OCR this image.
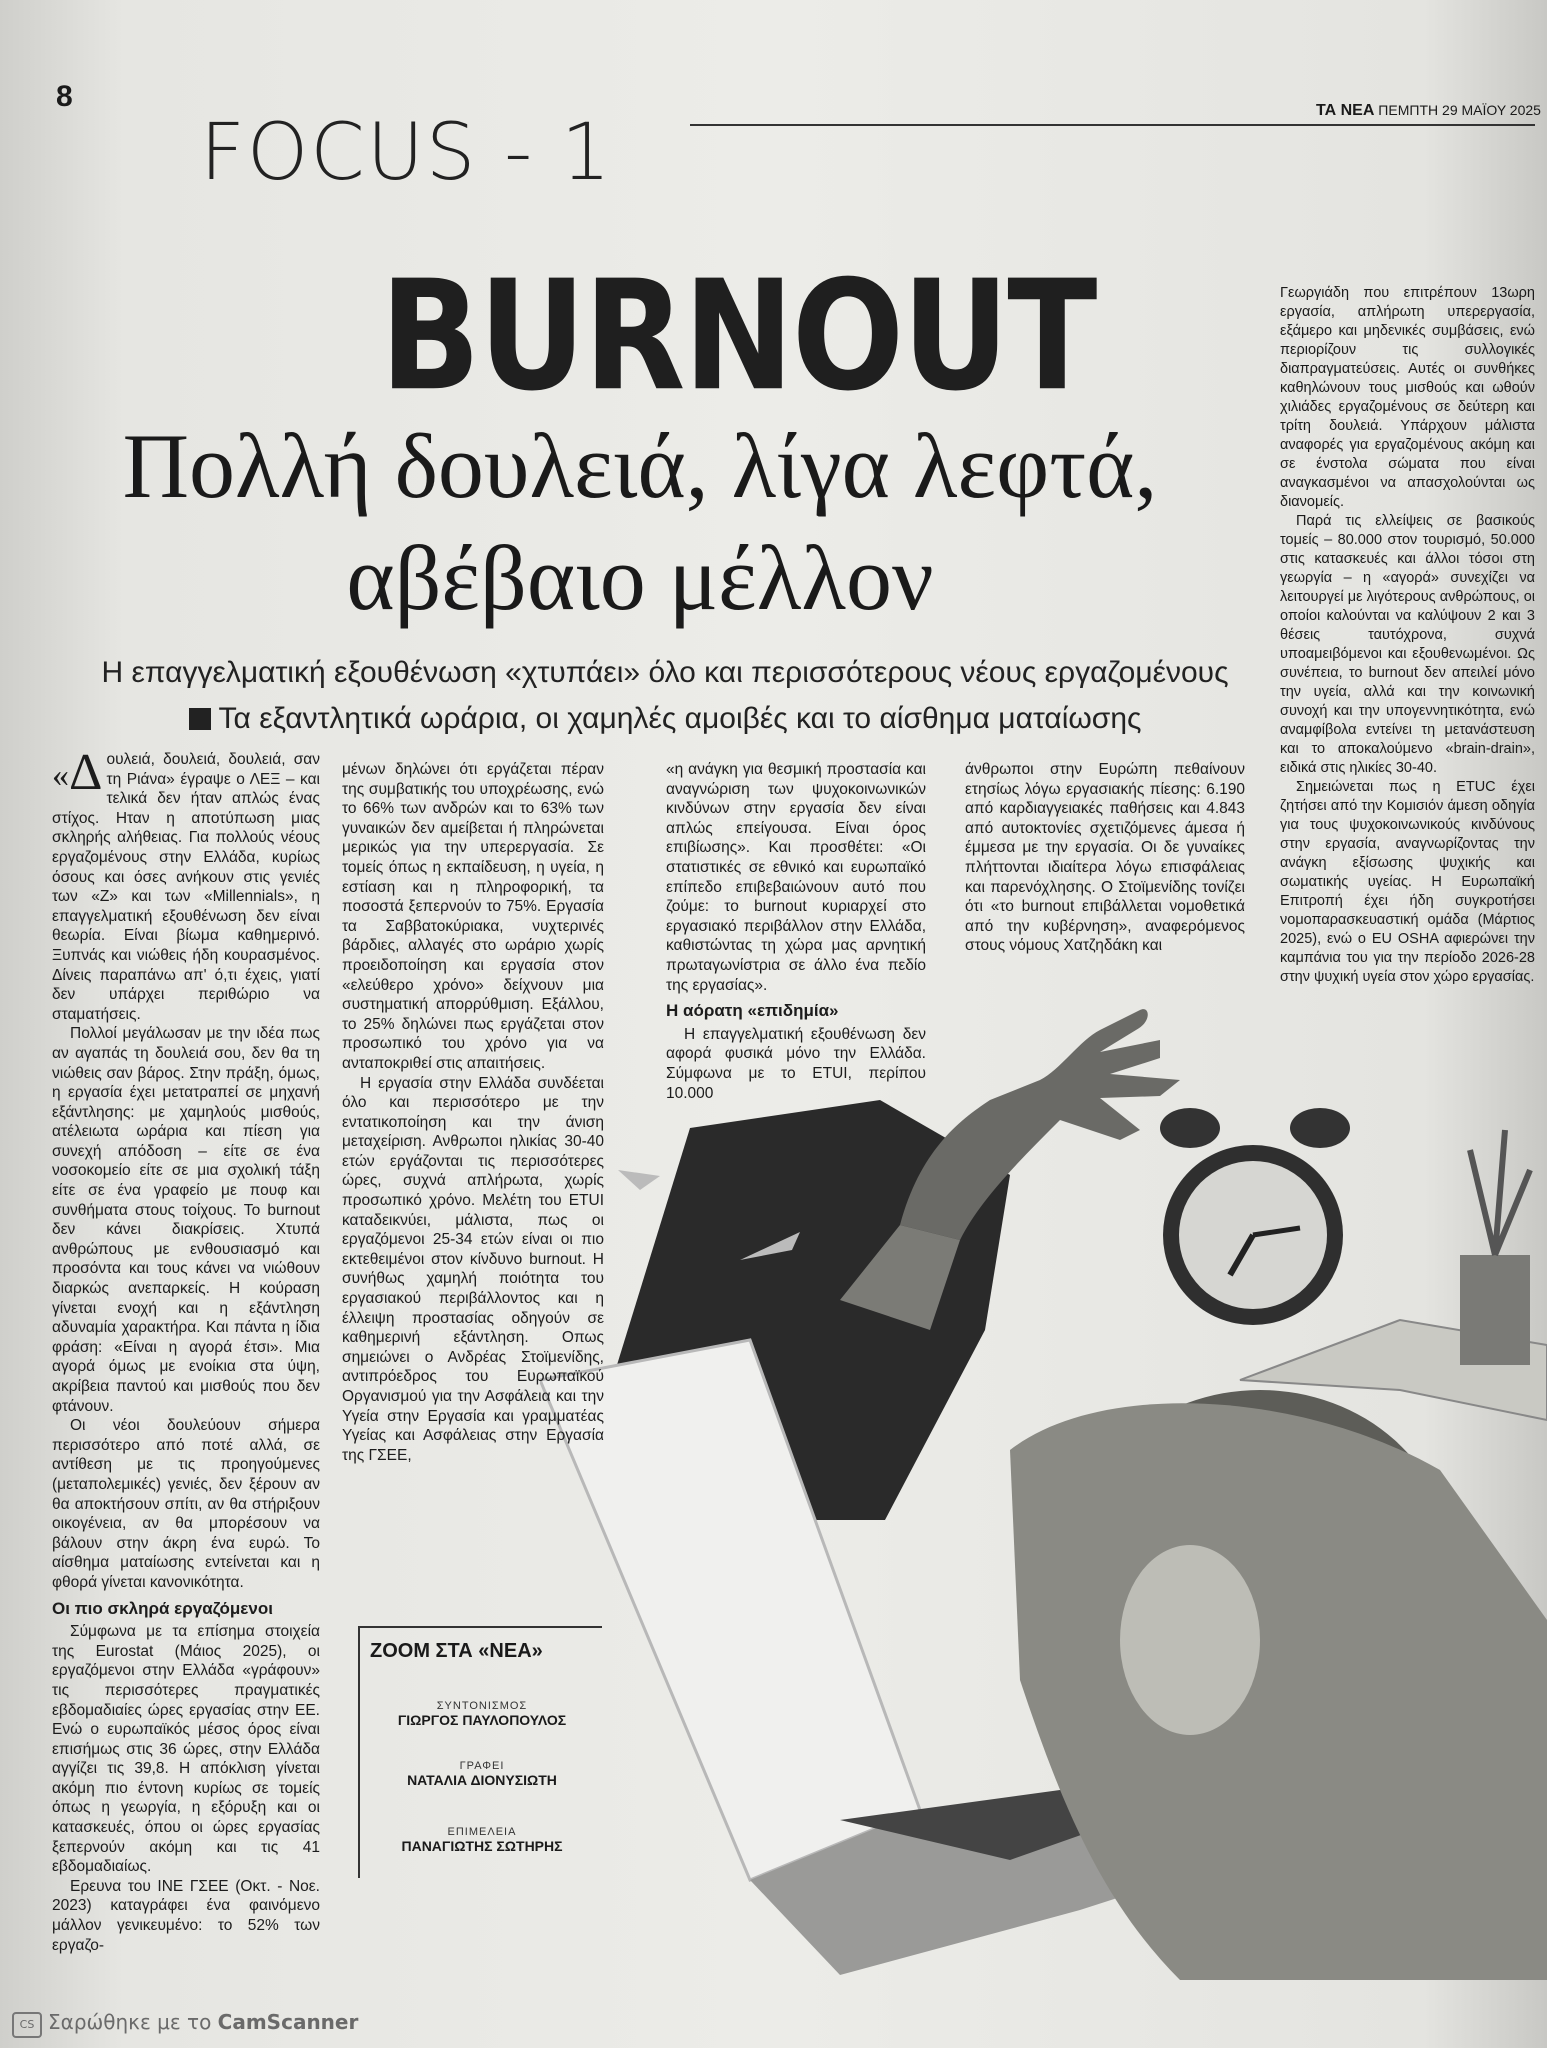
8	ΤΑ ΝΕΑ ΠΕΜΠΤΗ 29 ΜΑΪΟΥ 2025
FOCUS - 1
BURNOUT
Πολλή δουλειά, λίγα λεφτά,
αβέβαιο μέλλον
Η επαγγελματική εξουθένωση «χτυπάει» όλο και περισσότερους νέους εργαζομένους
Τα εξαντλητικά ωράρια, οι χαμηλές αμοιβές και το αίσθημα ματαίωσης

« Δ ουλειά, δουλειά, δουλειά, σαν τη Ριάνα» έγραψε ο ΛΕΞ – και τελικά δεν ήταν απλώς ένας στίχος. Ηταν η αποτύπωση μιας σκληρής αλήθειας. Για πολλούς νέους εργαζομένους στην Ελλάδα, κυρίως όσους και όσες ανήκουν στις γενιές των «Ζ» και των «Millennials», η επαγγελματική εξουθένωση δεν είναι θεωρία. Είναι βίωμα καθημερινό. Ξυπνάς και νιώθεις ήδη κουρασμένος. Δίνεις παραπάνω απ' ό,τι έχεις, γιατί δεν υπάρχει περιθώριο να σταματήσεις.

Πολλοί μεγάλωσαν με την ιδέα πως αν αγαπάς τη δουλειά σου, δεν θα τη νιώθεις σαν βάρος. Στην πράξη, όμως, η εργασία έχει μετατραπεί σε μηχανή εξάντλησης: με χαμηλούς μισθούς, ατέλειωτα ωράρια και πίεση για συνεχή απόδοση – είτε σε ένα νοσοκομείο είτε σε μια σχολική τάξη είτε σε ένα γραφείο με πουφ και συνθήματα στους τοίχους. Το burnout δεν κάνει διακρίσεις. Χτυπά ανθρώπους με ενθουσιασμό και προσόντα και τους κάνει να νιώθουν διαρκώς ανεπαρκείς. Η κούραση γίνεται ενοχή και η εξάντληση αδυναμία χαρακτήρα. Και πάντα η ίδια φράση: «Είναι η αγορά έτσι». Μια αγορά όμως με ενοίκια στα ύψη, ακρίβεια παντού και μισθούς που δεν φτάνουν.

Οι νέοι δουλεύουν σήμερα περισσότερο από ποτέ αλλά, σε αντίθεση με τις προηγούμενες (μεταπολεμικές) γενιές, δεν ξέρουν αν θα αποκτήσουν σπίτι, αν θα στήριξουν οικογένεια, αν θα μπορέσουν να βάλουν στην άκρη ένα ευρώ. Το αίσθημα ματαίωσης εντείνεται και η φθορά γίνεται κανονικότητα.

Οι πιο σκληρά εργαζόμενοι

Σύμφωνα με τα επίσημα στοιχεία της Eurostat (Μάιος 2025), οι εργαζόμενοι στην Ελλάδα «γράφουν» τις περισσότερες πραγματικές εβδομαδιαίες ώρες εργασίας στην ΕΕ. Ενώ ο ευρωπαϊκός μέσος όρος είναι επισήμως στις 36 ώρες, στην Ελλάδα αγγίζει τις 39,8. Η απόκλιση γίνεται ακόμη πιο έντονη κυρίως σε τομείς όπως η γεωργία, η εξόρυξη και οι κατασκευές, όπου οι ώρες εργασίας ξεπερνούν ακόμη και τις 41 εβδομαδιαίως.

Ερευνα του ΙΝΕ ΓΣΕΕ (Οκτ. - Νοε. 2023) καταγράφει ένα φαινόμενο μάλλον γενικευμένο: το 52% των εργαζο-

μένων δηλώνει ότι εργάζεται πέραν της συμβατικής του υποχρέωσης, ενώ το 66% των ανδρών και το 63% των γυναικών δεν αμείβεται ή πληρώνεται μερικώς για την υπερεργασία. Σε τομείς όπως η εκπαίδευση, η υγεία, η εστίαση και η πληροφορική, τα ποσοστά ξεπερνούν το 75%. Εργασία τα Σαββατοκύριακα, νυχτερινές βάρδιες, αλλαγές στο ωράριο χωρίς προειδοποίηση και εργασία στον «ελεύθερο χρόνο» δείχνουν μια συστηματική απορρύθμιση. Εξάλλου, το 25% δηλώνει πως εργάζεται στον προσωπικό του χρόνο για να ανταποκριθεί στις απαιτήσεις.

Η εργασία στην Ελλάδα συνδέεται όλο και περισσότερο με την εντατικοποίηση και την άνιση μεταχείριση. Ανθρωποι ηλικίας 30-40 ετών εργάζονται τις περισσότερες ώρες, συχνά απλήρωτα, χωρίς προσωπικό χρόνο. Μελέτη του ETUI καταδεικνύει, μάλιστα, πως οι εργαζόμενοι 25-34 ετών είναι οι πιο εκτεθειμένοι στον κίνδυνο burnout. Η συνήθως χαμηλή ποιότητα του εργασιακού περιβάλλοντος και η έλλειψη προστασίας οδηγούν σε καθημερινή εξάντληση. Οπως σημειώνει ο Ανδρέας Στοϊμενίδης, αντιπρόεδρος του Ευρωπαϊκού Οργανισμού για την Ασφάλεια και την Υγεία στην Εργασία και γραμματέας Υγείας και Ασφάλειας στην Εργασία της ΓΣΕΕ,

«η ανάγκη για θεσμική προστασία και αναγνώριση των ψυχοκοινωνικών κινδύνων στην εργασία δεν είναι απλώς επείγουσα. Είναι όρος επιβίωσης». Και προσθέτει: «Οι στατιστικές σε εθνικό και ευρωπαϊκό επίπεδο επιβεβαιώνουν αυτό που ζούμε: το burnout κυριαρχεί στο εργασιακό περιβάλλον στην Ελλάδα, καθιστώντας τη χώρα μας αρνητική πρωταγωνίστρια σε άλλο ένα πεδίο της εργασίας».

Η αόρατη «επιδημία»

Η επαγγελματική εξουθένωση δεν αφορά φυσικά μόνο την Ελλάδα. Σύμφωνα με το ETUI, περίπου 10.000

άνθρωποι στην Ευρώπη πεθαίνουν ετησίως λόγω εργασιακής πίεσης: 6.190 από καρδιαγγειακές παθήσεις και 4.843 από αυτοκτονίες σχετιζόμενες άμεσα ή έμμεσα με την εργασία. Οι δε γυναίκες πλήττονται ιδιαίτερα λόγω επισφάλειας και παρενόχλησης. Ο Στοϊμενίδης τονίζει ότι «το burnout επιβάλλεται νομοθετικά από την κυβέρνηση», αναφερόμενος στους νόμους Χατζηδάκη και

Γεωργιάδη που επιτρέπουν 13ωρη εργασία, απλήρωτη υπερεργασία, εξάμερο και μηδενικές συμβάσεις, ενώ περιορίζουν τις συλλογικές διαπραγματεύσεις. Αυτές οι συνθήκες καθηλώνουν τους μισθούς και ωθούν χιλιάδες εργαζομένους σε δεύτερη και τρίτη δουλειά. Υπάρχουν μάλιστα αναφορές για εργαζομένους ακόμη και σε ένστολα σώματα που είναι αναγκασμένοι να απασχολούνται ως διανομείς.

Παρά τις ελλείψεις σε βασικούς τομείς – 80.000 στον τουρισμό, 50.000 στις κατασκευές και άλλοι τόσοι στη γεωργία – η «αγορά» συνεχίζει να λειτουργεί με λιγότερους ανθρώπους, οι οποίοι καλούνται να καλύψουν 2 και 3 θέσεις ταυτόχρονα, συχνά υποαμειβόμενοι και εξουθενωμένοι. Ως συνέπεια, το burnout δεν απειλεί μόνο την υγεία, αλλά και την κοινωνική συνοχή και την υπογεννητικότητα, ενώ αναμφίβολα εντείνει τη μετανάστευση και το αποκαλούμενο «brain-drain», ειδικά στις ηλικίες 30-40.

Σημειώνεται πως η ETUC έχει ζητήσει από την Κομισιόν άμεση οδηγία για τους ψυχοκοινωνικούς κινδύνους στην εργασία, αναγνωρίζοντας την ανάγκη εξίσωσης ψυχικής και σωματικής υγείας. Η Ευρωπαϊκή Επιτροπή έχει ήδη συγκροτήσει νομοπαρασκευαστική ομάδα (Μάρτιος 2025), ενώ ο EU OSHA αφιερώνει την καμπάνια του για την περίοδο 2026-28 στην ψυχική υγεία στον χώρο εργασίας.

ΖΟΟΜ ΣΤΑ «ΝΕΑ»
ΣΥΝΤΟΝΙΣΜΟΣ
ΓΙΩΡΓΟΣ ΠΑΥΛΟΠΟΥΛΟΣ
ΓΡΑΦΕΙ
ΝΑΤΑΛΙΑ ΔΙΟΝΥΣΙΩΤΗ
ΕΠΙΜΕΛΕΙΑ
ΠΑΝΑΓΙΩΤΗΣ ΣΩΤΗΡΗΣ
CS Σαρώθηκε με το CamScanner
